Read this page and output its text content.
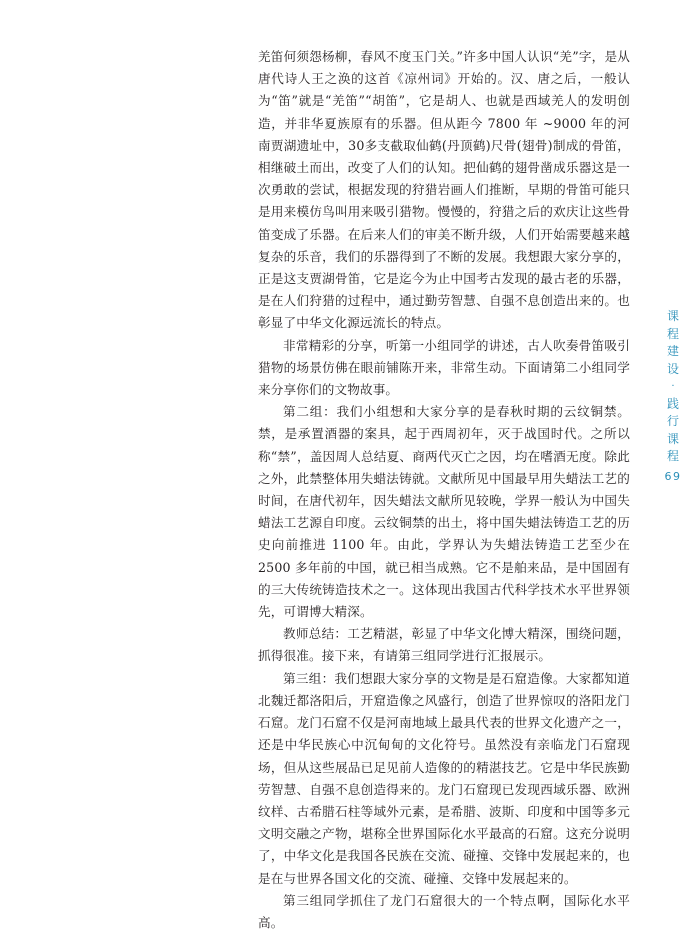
羌笛何须怨杨柳，春风不度玉门关。”许多中国人认识“羌”字，是从唐代诗人王之涣的这首《凉州词》开始的。汉、唐之后，一般认为“笛”就是“羌笛”“胡笛”，它是胡人、也就是西域羌人的发明创造，并非华夏族原有的乐器。但从距今 7800 年 ~9000 年的河南贾湖遗址中，30多支截取仙鹤(丹顶鹤)尺骨(翅骨)制成的骨笛，相继破土而出，改变了人们的认知。把仙鹤的翅骨凿成乐器这是一次勇敢的尝试，根据发现的狩猎岩画人们推断，早期的骨笛可能只是用来模仿鸟叫用来吸引猎物。慢慢的，狩猎之后的欢庆让这些骨笛变成了乐器。在后来人们的审美不断升级，人们开始需要越来越复杂的乐音，我们的乐器得到了不断的发展。我想跟大家分享的，正是这支贾湖骨笛，它是迄今为止中国考古发现的最古老的乐器，是在人们狩猎的过程中，通过勤劳智慧、自强不息创造出来的。也彰显了中华文化源远流长的特点。

非常精彩的分享，听第一小组同学的讲述，古人吹奏骨笛吸引猎物的场景仿佛在眼前铺陈开来，非常生动。下面请第二小组同学来分享你们的文物故事。

第二组：我们小组想和大家分享的是春秋时期的云纹铜禁。禁，是承置酒器的案具，起于西周初年，灭于战国时代。之所以称“禁”，盖因周人总结夏、商两代灭亡之因，均在嗜酒无度。除此之外，此禁整体用失蜡法铸就。文献所见中国最早用失蜡法工艺的时间，在唐代初年，因失蜡法文献所见较晚，学界一般认为中国失蜡法工艺源自印度。云纹铜禁的出土，将中国失蜡法铸造工艺的历史向前推进 1100 年。由此，学界认为失蜡法铸造工艺至少在 2500 多年前的中国，就已相当成熟。它不是舶来品，是中国固有的三大传统铸造技术之一。这体现出我国古代科学技术水平世界领先，可谓博大精深。

教师总结：工艺精湛，彰显了中华文化博大精深，围绕问题，抓得很准。接下来，有请第三组同学进行汇报展示。

第三组：我们想跟大家分享的文物是是石窟造像。大家都知道北魏迁都洛阳后，开窟造像之风盛行，创造了世界惊叹的洛阳龙门石窟。龙门石窟不仅是河南地域上最具代表的世界文化遗产之一，还是中华民族心中沉甸甸的文化符号。虽然没有亲临龙门石窟现场，但从这些展品已足见前人造像的的精湛技艺。它是中华民族勤劳智慧、自强不息创造得来的。龙门石窟现已发现西域乐器、欧洲纹样、古希腊石柱等域外元素，是希腊、波斯、印度和中国等多元文明交融之产物，堪称全世界国际化水平最高的石窟。这充分说明了，中华文化是我国各民族在交流、碰撞、交锋中发展起来的，也是在与世界各国文化的交流、碰撞、交锋中发展起来的。

第三组同学抓住了龙门石窟很大的一个特点啊，国际化水平高。

课
程
建
设
·
践
行
课
程
69
